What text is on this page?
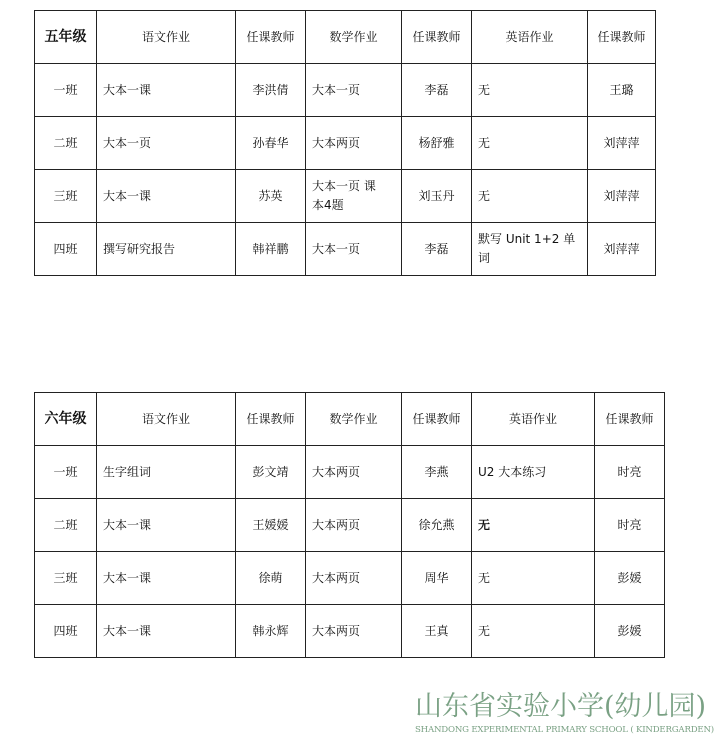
五年级	语文作业	任课教师	数学作业	任课教师	英语作业	任课教师
一班	大本一课	李洪倩	大本一页	李磊	无	王璐
二班	大本一页	孙春华	大本两页	杨舒雅	无	刘萍萍
三班	大本一课	苏英	大本一页 课本4题	刘玉丹	无	刘萍萍
四班	撰写研究报告	韩祥鹏	大本一页	李磊	默写 Unit 1+2 单词	刘萍萍
六年级	语文作业	任课教师	数学作业	任课教师	英语作业	任课教师
一班	生字组词	彭文靖	大本两页	李燕	U2 大本练习	时亮
二班	大本一课	王媛媛	大本两页	徐允燕	无	时亮
三班	大本一课	徐萌	大本两页	周华	无	彭媛
四班	大本一课	韩永辉	大本两页	王真	无	彭媛
山东省实验小学(幼儿园)
SHANDONG EXPERIMENTAL PRIMARY SCHOOL ( KINDERGARDEN)
